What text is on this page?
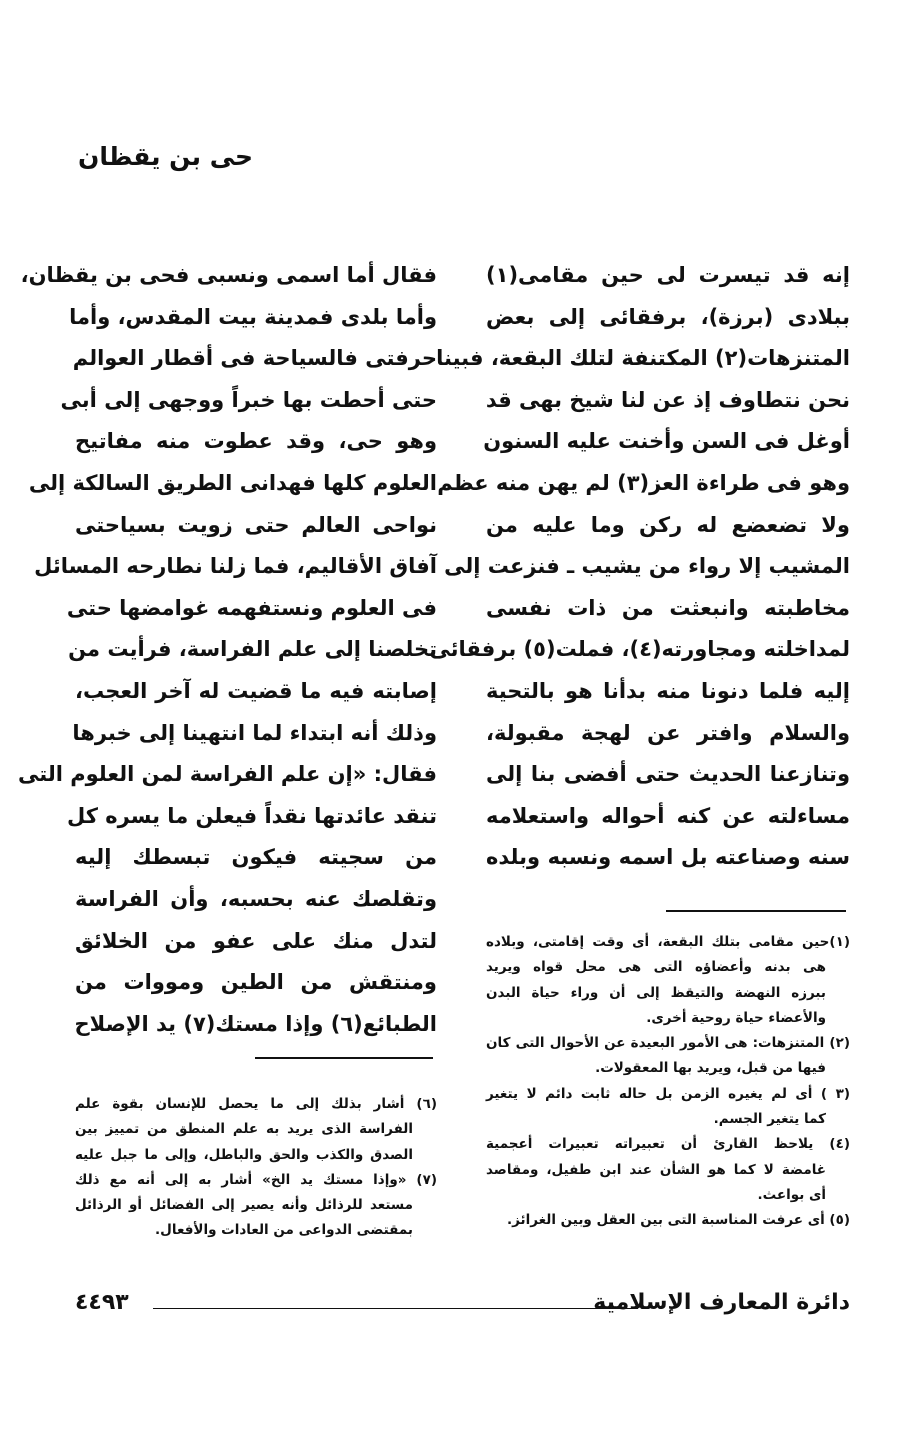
حى بن يقظان
إنه قد تيسرت لى حين مقامى(١)
ببلادى (برزة)، برفقائى إلى بعض
المتنزهات(٢) المكتنفة لتلك البقعة، فبينا
نحن نتطاوف إذ عن لنا شيخ بهى قد
أوغل فى السن وأخنت عليه السنون
وهو فى طراءة العز(٣) لم يهن منه عظم
ولا تضعضع له ركن وما عليه من
المشيب إلا رواء من يشيب ـ فنزعت إلى
مخاطبته وانبعثت من ذات نفسى
لمداخلته ومجاورته(٤)، فملت(٥) برفقائى
إليه فلما دنونا منه بدأنا هو بالتحية
والسلام وافتر عن لهجة مقبولة،
وتنازعنا الحديث حتى أفضى بنا إلى
مساءلته عن كنه أحواله واستعلامه
سنه وصناعته بل اسمه ونسبه وبلده
فقال أما اسمى ونسبى فحى بن يقظان،
وأما بلدى فمدينة بيت المقدس، وأما
حرفتى فالسياحة فى أقطار العوالم
حتى أحطت بها خبراً ووجهى إلى أبى
وهو حى، وقد عطوت منه مفاتيح
العلوم كلها فهدانى الطريق السالكة إلى
نواحى العالم حتى زويت بسياحتى
آفاق الأقاليم، فما زلنا نطارحه المسائل
فى العلوم ونستفهمه غوامضها حتى
تخلصنا إلى علم الفراسة، فرأيت من
إصابته فيه ما قضيت له آخر العجب،
وذلك أنه ابتداء لما انتهينا إلى خبرها
فقال: «إن علم الفراسة لمن العلوم التى
تنقد عائدتها نقداً فيعلن ما يسره كل
من سجيته فيكون تبسطك إليه
وتقلصك عنه بحسبه، وأن الفراسة
لتدل منك على عفو من الخلائق
ومنتقش من الطين ومووات من
الطبائع(٦) وإذا مستك(٧) يد الإصلاح
(١)حين مقامى بتلك البقعة، أى وقت إقامتى، وبلاده
هى بدنه وأعضاؤه التى هى محل قواه ويريد
ببرزه النهضة والتيقظ إلى أن وراء حياة البدن
والأعضاء حياة روحية أخرى.
(٢) المتنزهات: هى الأمور البعيدة عن الأحوال التى كان
فيها من قبل، ويريد بها المعقولات.
(٣ ) أى لم يغيره الزمن بل حاله ثابت دائم لا يتغير
كما يتغير الجسم.
(٤) يلاحظ القارئ أن تعبيراته تعبيرات أعجمية
غامضة لا كما هو الشأن عند ابن طفيل، ومقاصد
أى بواعث.
(٥) أى عرفت المناسبة التى بين العقل وبين الغرائز.
(٦) أشار بذلك إلى ما يحصل للإنسان بقوة علم
الفراسة الذى يريد به علم المنطق من تمييز بين
الصدق والكذب والحق والباطل، وإلى ما جبل عليه
(٧) «وإذا مستك يد الخ» أشار به إلى أنه مع ذلك
مستعد للرذائل وأنه يصير إلى الفضائل أو الرذائل
بمقتضى الدواعى من العادات والأفعال.
دائرة المعارف الإسلامية
٤٤٩٣
